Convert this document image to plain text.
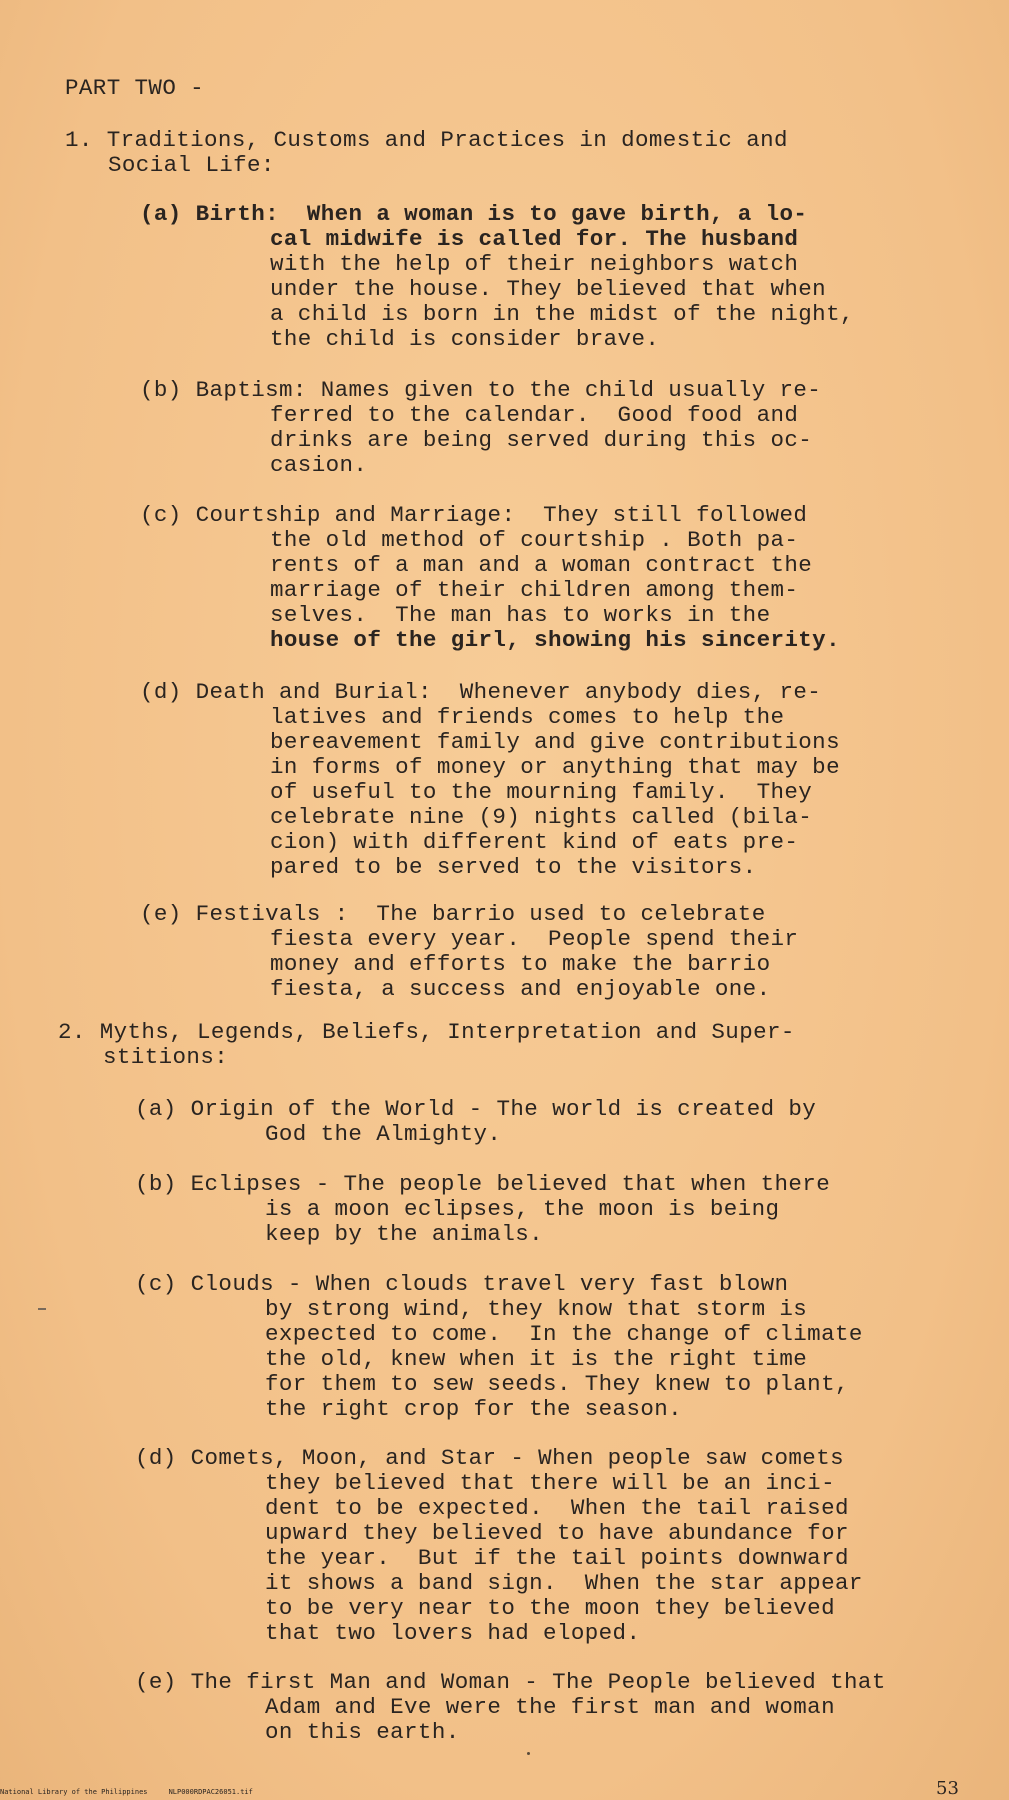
PART TWO -
1. Traditions, Customs and Practices in domestic and
Social Life:
(a) Birth:  When a woman is to gave birth, a lo-
cal midwife is called for. The husband
with the help of their neighbors watch
under the house. They believed that when
a child is born in the midst of the night,
the child is consider brave.
(b) Baptism: Names given to the child usually re-
ferred to the calendar.  Good food and
drinks are being served during this oc-
casion.
(c) Courtship and Marriage:  They still followed
the old method of courtship . Both pa-
rents of a man and a woman contract the
marriage of their children among them-
selves.  The man has to works in the
house of the girl, showing his sincerity.
(d) Death and Burial:  Whenever anybody dies, re-
latives and friends comes to help the
bereavement family and give contributions
in forms of money or anything that may be
of useful to the mourning family.  They
celebrate nine (9) nights called (bila-
cion) with different kind of eats pre-
pared to be served to the visitors.
(e) Festivals :  The barrio used to celebrate
fiesta every year.  People spend their
money and efforts to make the barrio
fiesta, a success and enjoyable one.
2. Myths, Legends, Beliefs, Interpretation and Super-
stitions:
(a) Origin of the World - The world is created by
God the Almighty.
(b) Eclipses - The people believed that when there
is a moon eclipses, the moon is being
keep by the animals.
(c) Clouds - When clouds travel very fast blown
by strong wind, they know that storm is
expected to come.  In the change of climate
the old, knew when it is the right time
for them to sew seeds. They knew to plant,
the right crop for the season.
(d) Comets, Moon, and Star - When people saw comets
they believed that there will be an inci-
dent to be expected.  When the tail raised
upward they believed to have abundance for
the year.  But if the tail points downward
it shows a band sign.  When the star appear
to be very near to the moon they believed
that two lovers had eloped.
(e) The first Man and Woman - The People believed that
Adam and Eve were the first man and woman
on this earth.
National Library of the Philippines     NLP000RDPAC26051.tif	53
